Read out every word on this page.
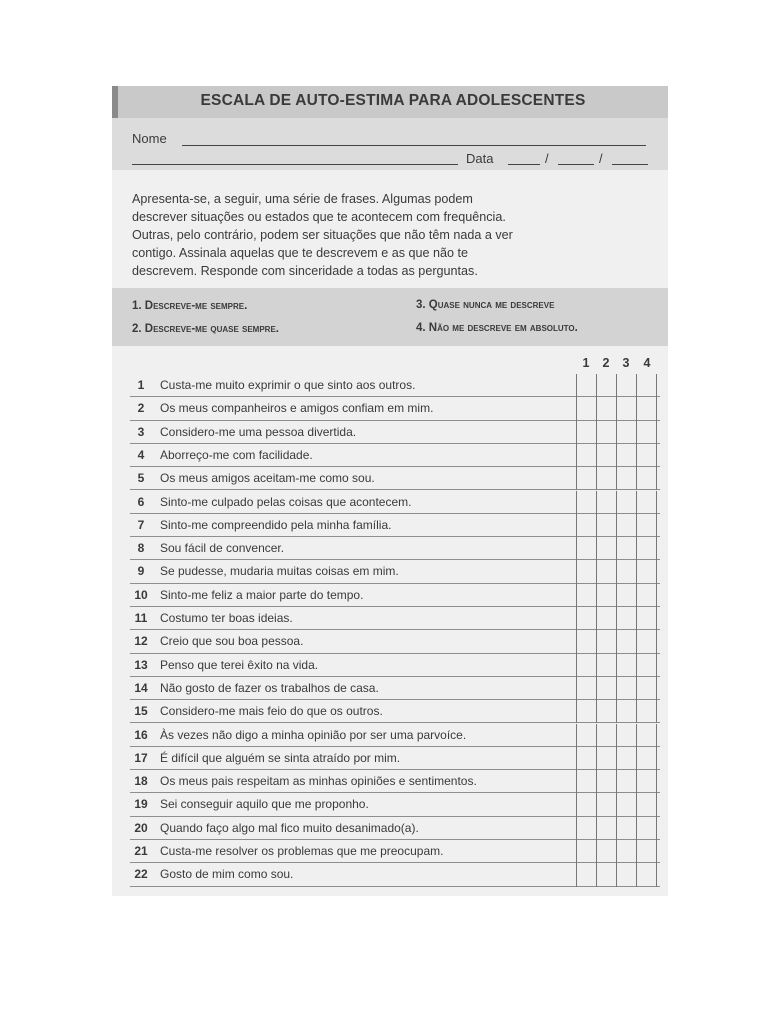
ESCALA DE AUTO-ESTIMA PARA ADOLESCENTES
Nome
Data	/	/
Apresenta-se, a seguir, uma série de frases. Algumas podem
descrever situações ou estados que te acontecem com frequência.
Outras, pelo contrário, podem ser situações que não têm nada a ver
contigo. Assinala aquelas que te descrevem e as que não te
descrevem. Responde com sinceridade a todas as perguntas.
1. Descreve-me sempre.
2. Descreve-me quase sempre.
3. Quase nunca me descreve
4. Não me descreve em absoluto.
1	2	3	4
1	Custa-me muito exprimir o que sinto aos outros.
2	Os meus companheiros e amigos confiam em mim.
3	Considero-me uma pessoa divertida.
4	Aborreço-me com facilidade.
5	Os meus amigos aceitam-me como sou.
6	Sinto-me culpado pelas coisas que acontecem.
7	Sinto-me compreendido pela minha família.
8	Sou fácil de convencer.
9	Se pudesse, mudaria muitas coisas em mim.
10	Sinto-me feliz a maior parte do tempo.
11	Costumo ter boas ideias.
12	Creio que sou boa pessoa.
13	Penso que terei êxito na vida.
14	Não gosto de fazer os trabalhos de casa.
15	Considero-me mais feio do que os outros.
16	Às vezes não digo a minha opinião por ser uma parvoíce.
17	É difícil que alguém se sinta atraído por mim.
18	Os meus pais respeitam as minhas opiniões e sentimentos.
19	Sei conseguir aquilo que me proponho.
20	Quando faço algo mal fico muito desanimado(a).
21	Custa-me resolver os problemas que me preocupam.
22	Gosto de mim como sou.
